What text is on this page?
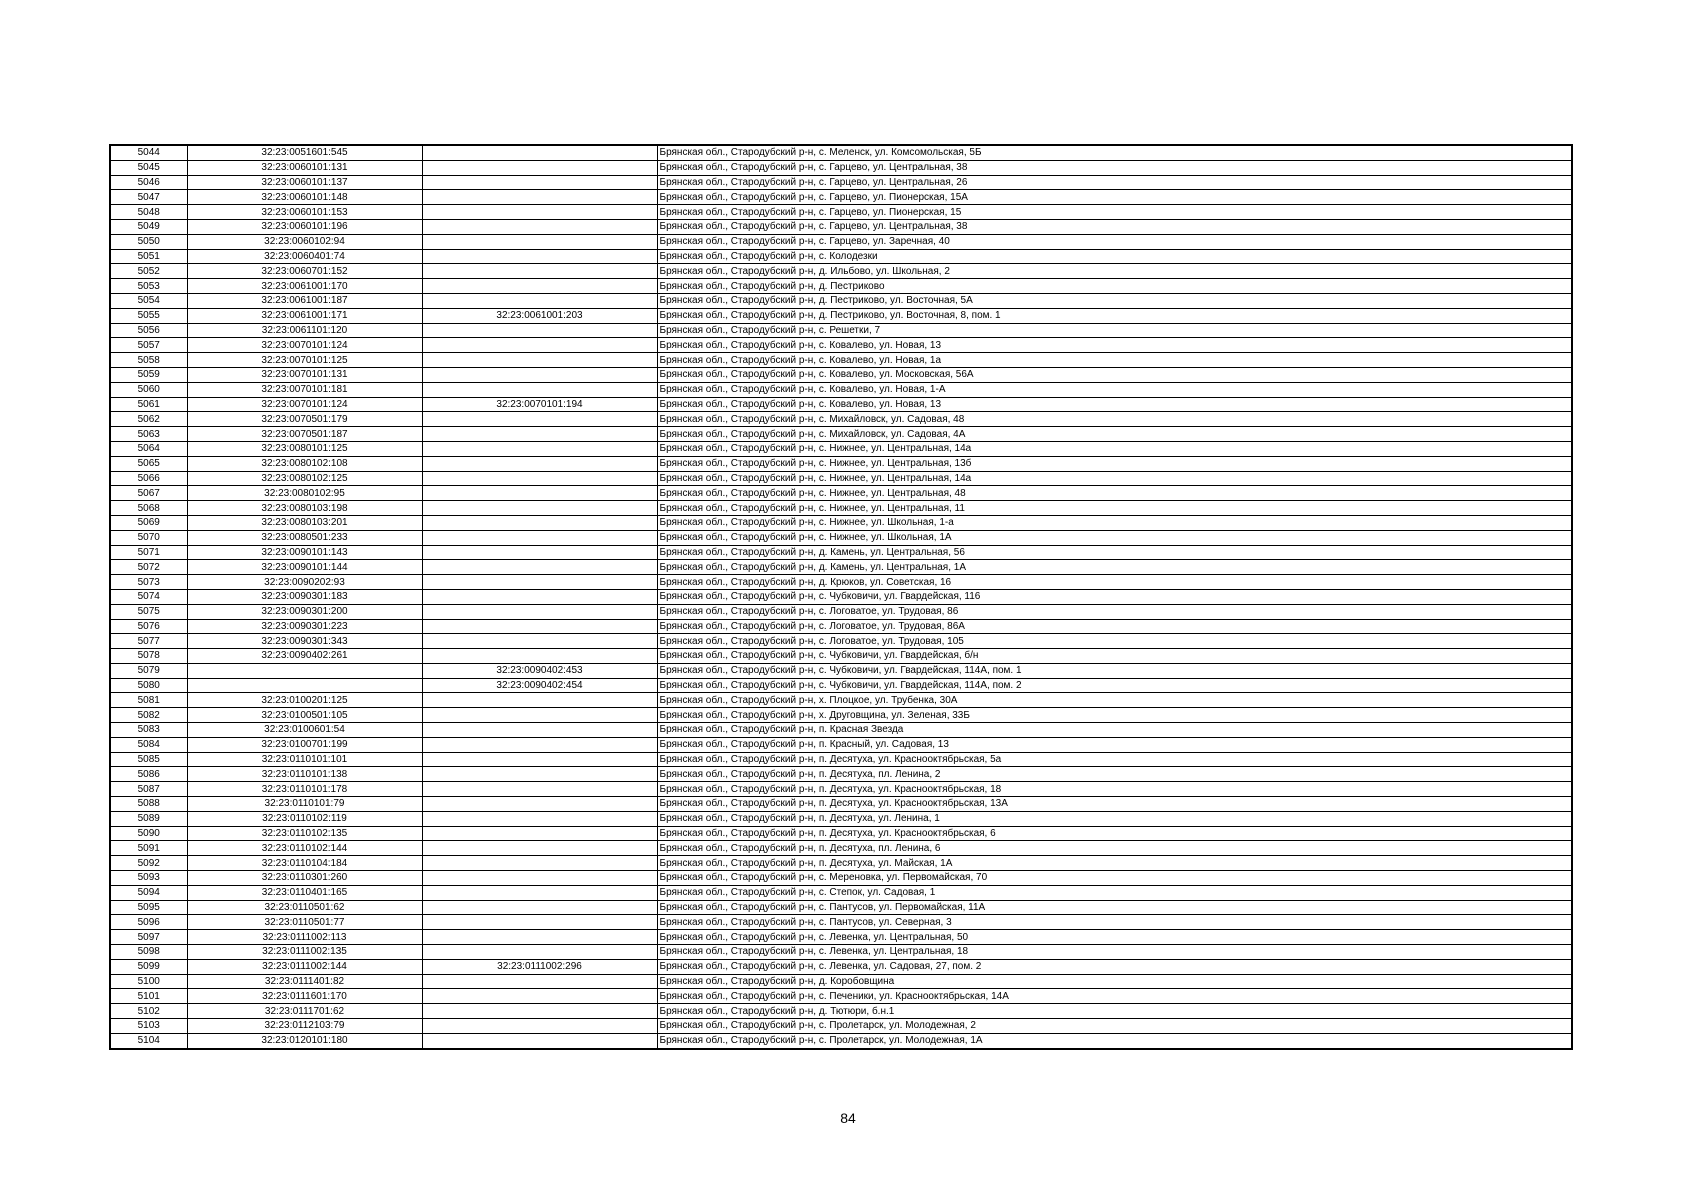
5044	32:23:0051601:545		Брянская обл., Стародубский р-н, с. Меленск, ул. Комсомольская, 5Б
5045	32:23:0060101:131		Брянская обл., Стародубский р-н, с. Гарцево, ул. Центральная, 38
5046	32:23:0060101:137		Брянская обл., Стародубский р-н, с. Гарцево, ул. Центральная, 26
5047	32:23:0060101:148		Брянская обл., Стародубский р-н, с. Гарцево, ул. Пионерская, 15А
5048	32:23:0060101:153		Брянская обл., Стародубский р-н, с. Гарцево, ул. Пионерская, 15
5049	32:23:0060101:196		Брянская обл., Стародубский р-н, с. Гарцево, ул. Центральная, 38
5050	32:23:0060102:94		Брянская обл., Стародубский р-н, с. Гарцево, ул. Заречная, 40
5051	32:23:0060401:74		Брянская обл., Стародубский р-н, с. Колодезки
5052	32:23:0060701:152		Брянская обл., Стародубский р-н, д. Ильбово, ул. Школьная, 2
5053	32:23:0061001:170		Брянская обл., Стародубский р-н, д. Пестриково
5054	32:23:0061001:187		Брянская обл., Стародубский р-н, д. Пестриково, ул. Восточная, 5А
5055	32:23:0061001:171	32:23:0061001:203	Брянская обл., Стародубский р-н, д. Пестриково, ул. Восточная, 8, пом. 1
5056	32:23:0061101:120		Брянская обл., Стародубский р-н, с. Решетки, 7
5057	32:23:0070101:124		Брянская обл., Стародубский р-н, с. Ковалево, ул. Новая, 13
5058	32:23:0070101:125		Брянская обл., Стародубский р-н, с. Ковалево, ул. Новая, 1а
5059	32:23:0070101:131		Брянская обл., Стародубский р-н, с. Ковалево, ул. Московская, 56А
5060	32:23:0070101:181		Брянская обл., Стародубский р-н, с. Ковалево, ул. Новая, 1-А
5061	32:23:0070101:124	32:23:0070101:194	Брянская обл., Стародубский р-н, с. Ковалево, ул. Новая, 13
5062	32:23:0070501:179		Брянская обл., Стародубский р-н, с. Михайловск, ул. Садовая, 48
5063	32:23:0070501:187		Брянская обл., Стародубский р-н, с. Михайловск, ул. Садовая, 4А
5064	32:23:0080101:125		Брянская обл., Стародубский р-н, с. Нижнее, ул. Центральная, 14а
5065	32:23:0080102:108		Брянская обл., Стародубский р-н, с. Нижнее, ул. Центральная, 13б
5066	32:23:0080102:125		Брянская обл., Стародубский р-н, с. Нижнее, ул. Центральная, 14а
5067	32:23:0080102:95		Брянская обл., Стародубский р-н, с. Нижнее, ул. Центральная, 48
5068	32:23:0080103:198		Брянская обл., Стародубский р-н, с. Нижнее, ул. Центральная, 11
5069	32:23:0080103:201		Брянская обл., Стародубский р-н, с. Нижнее, ул. Школьная, 1-а
5070	32:23:0080501:233		Брянская обл., Стародубский р-н, с. Нижнее, ул. Школьная, 1А
5071	32:23:0090101:143		Брянская обл., Стародубский р-н, д. Камень, ул. Центральная, 56
5072	32:23:0090101:144		Брянская обл., Стародубский р-н, д. Камень, ул. Центральная, 1А
5073	32:23:0090202:93		Брянская обл., Стародубский р-н, д. Крюков, ул. Советская, 16
5074	32:23:0090301:183		Брянская обл., Стародубский р-н, с. Чубковичи, ул. Гвардейская, 116
5075	32:23:0090301:200		Брянская обл., Стародубский р-н, с. Логоватое, ул. Трудовая, 86
5076	32:23:0090301:223		Брянская обл., Стародубский р-н, с. Логоватое, ул. Трудовая, 86А
5077	32:23:0090301:343		Брянская обл., Стародубский р-н, с. Логоватое, ул. Трудовая, 105
5078	32:23:0090402:261		Брянская обл., Стародубский р-н, с. Чубковичи, ул. Гвардейская, б/н
5079		32:23:0090402:453	Брянская обл., Стародубский р-н, с. Чубковичи, ул. Гвардейская, 114А, пом. 1
5080		32:23:0090402:454	Брянская обл., Стародубский р-н, с. Чубковичи, ул. Гвардейская, 114А, пом. 2
5081	32:23:0100201:125		Брянская обл., Стародубский р-н, х. Плоцкое, ул. Трубенка, 30А
5082	32:23:0100501:105		Брянская обл., Стародубский р-н, х. Друговщина, ул. Зеленая, 33Б
5083	32:23:0100601:54		Брянская обл., Стародубский р-н, п. Красная Звезда
5084	32:23:0100701:199		Брянская обл., Стародубский р-н, п. Красный, ул. Садовая, 13
5085	32:23:0110101:101		Брянская обл., Стародубский р-н, п. Десятуха, ул. Краснооктябрьская, 5а
5086	32:23:0110101:138		Брянская обл., Стародубский р-н, п. Десятуха, пл. Ленина, 2
5087	32:23:0110101:178		Брянская обл., Стародубский р-н, п. Десятуха, ул. Краснооктябрьская, 18
5088	32:23:0110101:79		Брянская обл., Стародубский р-н, п. Десятуха, ул. Краснооктябрьская, 13А
5089	32:23:0110102:119		Брянская обл., Стародубский р-н, п. Десятуха, ул. Ленина, 1
5090	32:23:0110102:135		Брянская обл., Стародубский р-н, п. Десятуха, ул. Краснооктябрьская, 6
5091	32:23:0110102:144		Брянская обл., Стародубский р-н, п. Десятуха, пл. Ленина, 6
5092	32:23:0110104:184		Брянская обл., Стародубский р-н, п. Десятуха, ул. Майская, 1А
5093	32:23:0110301:260		Брянская обл., Стародубский р-н, с. Мереновка, ул. Первомайская, 70
5094	32:23:0110401:165		Брянская обл., Стародубский р-н, с. Степок, ул. Садовая, 1
5095	32:23:0110501:62		Брянская обл., Стародубский р-н, с. Пантусов, ул. Первомайская, 11А
5096	32:23:0110501:77		Брянская обл., Стародубский р-н, с. Пантусов, ул. Северная, 3
5097	32:23:0111002:113		Брянская обл., Стародубский р-н, с. Левенка, ул. Центральная, 50
5098	32:23:0111002:135		Брянская обл., Стародубский р-н, с. Левенка, ул. Центральная, 18
5099	32:23:0111002:144	32:23:0111002:296	Брянская обл., Стародубский р-н, с. Левенка, ул. Садовая, 27, пом. 2
5100	32:23:0111401:82		Брянская обл., Стародубский р-н, д. Коробовщина
5101	32:23:0111601:170		Брянская обл., Стародубский р-н, с. Печеники, ул. Краснооктябрьская, 14А
5102	32:23:0111701:62		Брянская обл., Стародубский р-н, д. Тютюри, б.н.1
5103	32:23:0112103:79		Брянская обл., Стародубский р-н, с. Пролетарск, ул. Молодежная, 2
5104	32:23:0120101:180		Брянская обл., Стародубский р-н, с. Пролетарск, ул. Молодежная, 1А
84
